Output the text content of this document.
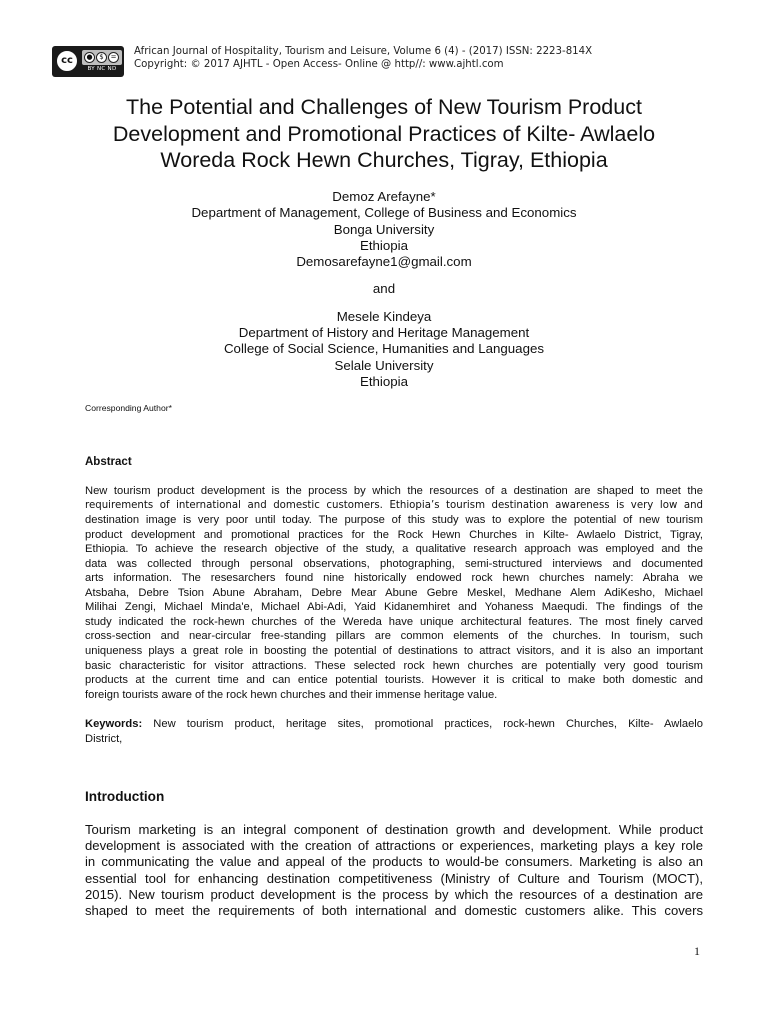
cc	● $ =
BY NC ND
African Journal of Hospitality, Tourism and Leisure, Volume 6 (4) - (2017) ISSN: 2223-814X
Copyright: © 2017 AJHTL - Open Access- Online @ http//: www.ajhtl.com
The Potential and Challenges of New Tourism Product
Development and Promotional Practices of Kilte- Awlaelo
Woreda Rock Hewn Churches, Tigray, Ethiopia
Demoz Arefayne*
Department of Management, College of Business and Economics
Bonga University
Ethiopia
Demosarefayne1@gmail.com
and
Mesele Kindeya
Department of History and Heritage Management
College of Social Science, Humanities and Languages
Selale University
Ethiopia
Corresponding Author*
Abstract
New tourism product development is the process by which the resources of a destination are shaped to meet the
requirements of international and domestic customers. Ethiopia’s tourism destination awareness is very low and
destination image is very poor until today. The purpose of this study was to explore the potential of new tourism
product development and promotional practices for the Rock Hewn Churches in Kilte- Awlaelo District, Tigray,
Ethiopia. To achieve the research objective of the study, a qualitative research approach was employed and the
data was collected through personal observations, photographing, semi-structured interviews and documented
arts information. The resesarchers found nine historically endowed rock hewn churches namely: Abraha we
Atsbaha, Debre Tsion Abune Abraham, Debre Mear Abune Gebre Meskel, Medhane Alem AdiKesho, Michael
Milihai Zengi, Michael Minda'e, Michael Abi-Adi, Yaid Kidanemhiret and Yohaness Maequdi. The findings of the
study indicated the rock-hewn churches of the Wereda have unique architectural features. The most finely carved
cross-section and near-circular free-standing pillars are common elements of the churches. In tourism, such
uniqueness plays a great role in boosting the potential of destinations to attract visitors, and it is also an important
basic characteristic for visitor attractions. These selected rock hewn churches are potentially very good tourism
products at the current time and can entice potential tourists. However it is critical to make both domestic and
foreign tourists aware of the rock hewn churches and their immense heritage value.
Keywords: New tourism product, heritage sites, promotional practices, rock-hewn Churches, Kilte- Awlaelo
District,
Introduction
Tourism marketing is an integral component of destination growth and development. While product
development is associated with the creation of attractions or experiences, marketing plays a key role
in communicating the value and appeal of the products to would-be consumers. Marketing is also an
essential tool for enhancing destination competitiveness (Ministry of Culture and Tourism (MOCT),
2015). New tourism product development is the process by which the resources of a destination are
shaped to meet the requirements of both international and domestic customers alike. This covers
1
